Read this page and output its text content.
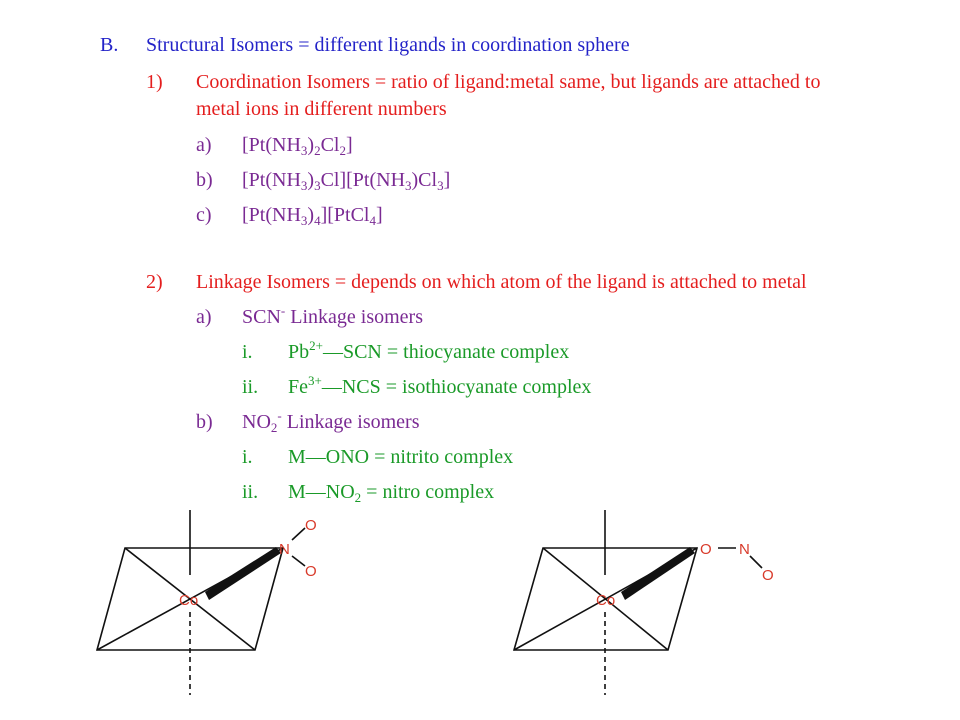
B. Structural Isomers = different ligands in coordination sphere
1) Coordination Isomers = ratio of ligand:metal same, but ligands are attached to
metal ions in different numbers
a) $[Pt(NH_3)_2Cl_2]$
b) $[Pt(NH_3)_3Cl][Pt(NH_3)Cl_3]$
c) $[Pt(NH_3)_4][PtCl_4]$
2) Linkage Isomers = depends on which atom of the ligand is attached to metal
a) SCN- Linkage isomers
i. $Pb^{2+}—SCN$ = thiocyanate complex
ii. $Fe^{3+}—NCS$ = isothiocyanate complex
b) $NO_2^-$ Linkage isomers
i. M—ONO = nitrito complex
ii. $M—NO_2$ = nitro complex
Co
N
O
O
Co
O N
O
